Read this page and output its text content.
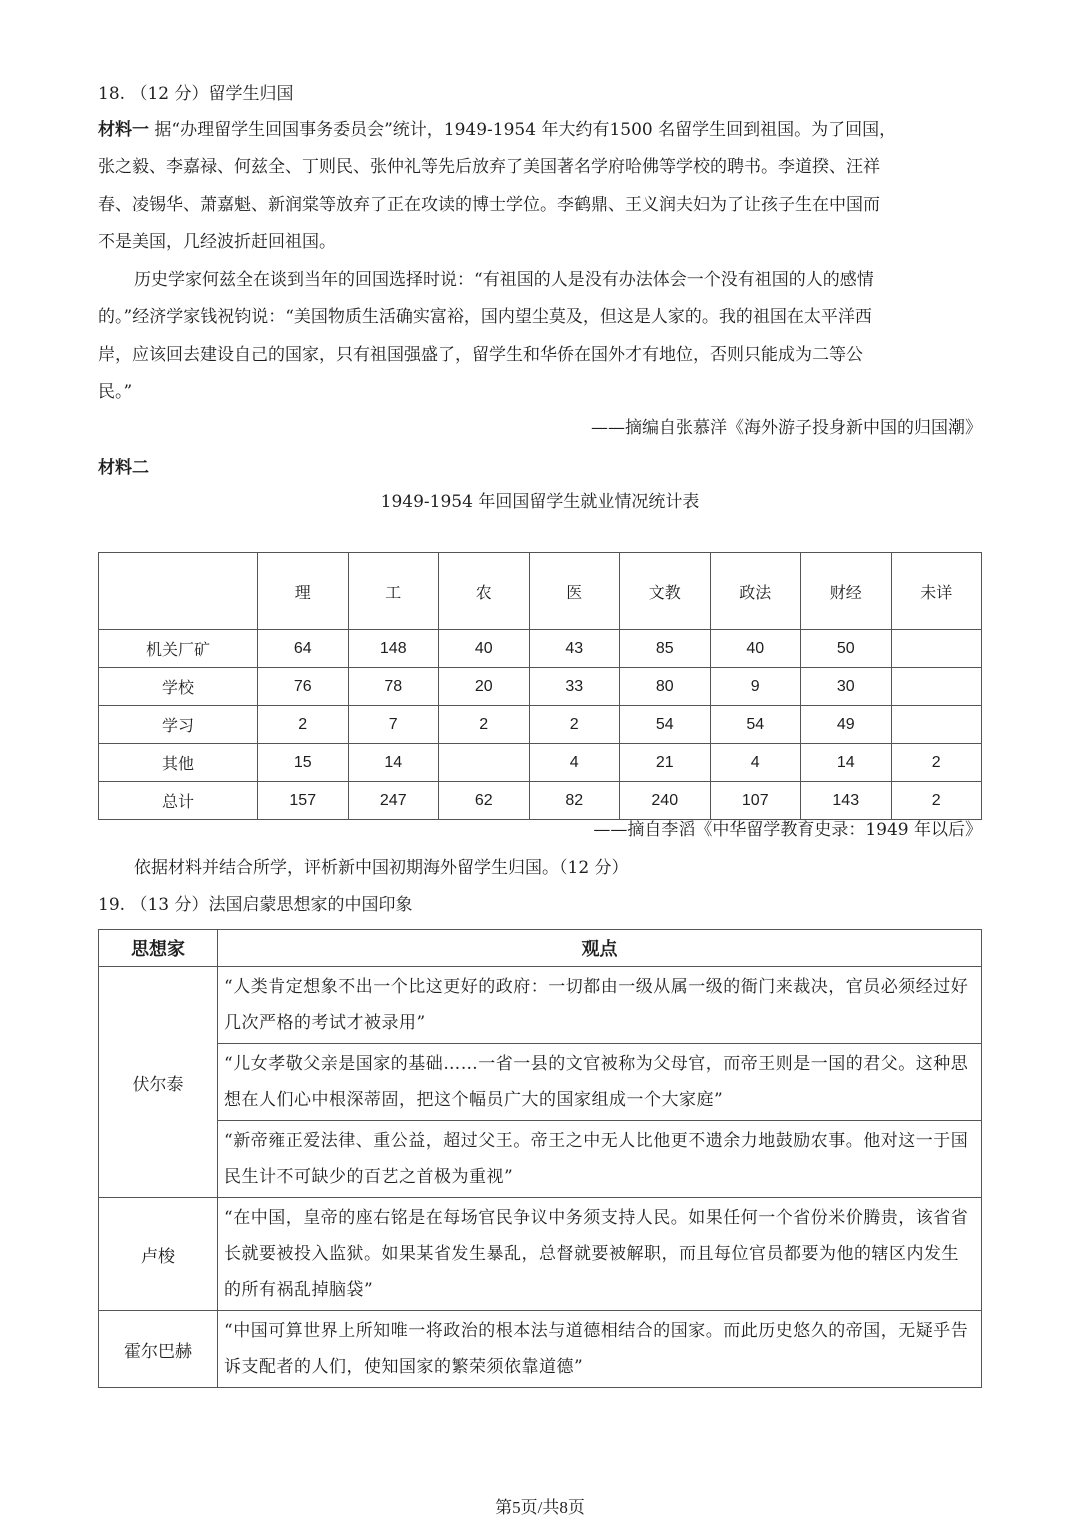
18. （12 分）留学生归国
材料一 据“办理留学生回国事务委员会”统计，1949-1954 年大约有1500 名留学生回到祖国。为了回国，
张之毅、李嘉禄、何兹全、丁则民、张仲礼等先后放弃了美国著名学府哈佛等学校的聘书。李道揆、汪祥
春、凌锡华、萧嘉魁、新润棠等放弃了正在攻读的博士学位。李鹤鼎、王义润夫妇为了让孩子生在中国而
不是美国，几经波折赶回祖国。
历史学家何兹全在谈到当年的回国选择时说：“有祖国的人是没有办法体会一个没有祖国的人的感情
的。”经济学家钱祝钧说：“美国物质生活确实富裕，国内望尘莫及，但这是人家的。我的祖国在太平洋西
岸，应该回去建设自己的国家，只有祖国强盛了，留学生和华侨在国外才有地位，否则只能成为二等公
民。”
——摘编自张慕洋《海外游子投身新中国的归国潮》
材料二
1949-1954 年回国留学生就业情况统计表
	理	工	农	医	文教	政法	财经	未详
机关厂矿	64	148	40	43	85	40	50	
学校	76	78	20	33	80	9	30	
学习	2	7	2	2	54	54	49	
其他	15	14		4	21	4	14	2
总计	157	247	62	82	240	107	143	2
——摘自李滔《中华留学教育史录：1949 年以后》
依据材料并结合所学，评析新中国初期海外留学生归国。（12 分）
19. （13 分）法国启蒙思想家的中国印象
思想家	观点
伏尔泰	“人类肯定想象不出一个比这更好的政府：一切都由一级从属一级的衙门来裁决，官员必须经过好几次严格的考试才被录用”
	“儿女孝敬父亲是国家的基础……一省一县的文官被称为父母官，而帝王则是一国的君父。这种思想在人们心中根深蒂固，把这个幅员广大的国家组成一个大家庭”
	“新帝雍正爱法律、重公益，超过父王。帝王之中无人比他更不遗余力地鼓励农事。他对这一于国民生计不可缺少的百艺之首极为重视”
卢梭	“在中国，皇帝的座右铭是在每场官民争议中务须支持人民。如果任何一个省份米价腾贵，该省省长就要被投入监狱。如果某省发生暴乱，总督就要被解职，而且每位官员都要为他的辖区内发生的所有祸乱掉脑袋”
霍尔巴赫	“中国可算世界上所知唯一将政治的根本法与道德相结合的国家。而此历史悠久的帝国，无疑乎告诉支配者的人们，使知国家的繁荣须依靠道德”
第5页/共8页
